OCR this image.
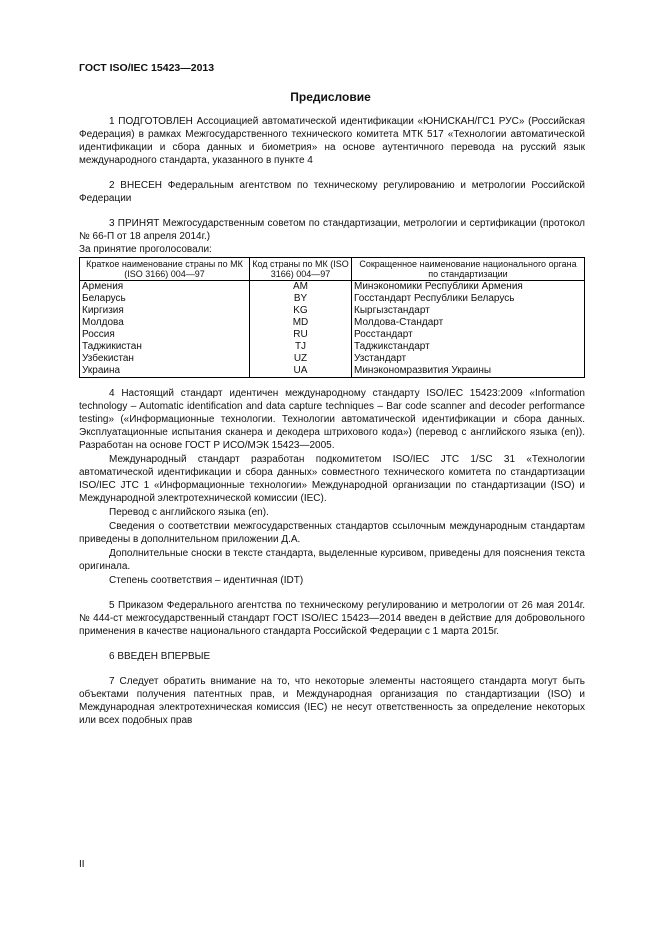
ГОСТ ISO/IEC 15423—2013
Предисловие

1 ПОДГОТОВЛЕН Ассоциацией автоматической идентификации «ЮНИСКАН/ГС1 РУС» (Российская Федерация) в рамках Межгосударственного технического комитета МТК 517 «Технологии автоматической идентификации и сбора данных и биометрия» на основе аутентичного перевода на русский язык международного стандарта, указанного в пункте 4

2 ВНЕСЕН Федеральным агентством по техническому регулированию и метрологии Российской Федерации

3 ПРИНЯТ Межгосударственным советом по стандартизации, метрологии и сертификации (протокол № 66-П от 18 апреля 2014г.)

За принятие проголосовали:

Краткое наименование страны по МК (ISO 3166) 004—97	Код страны по МК (ISO 3166) 004—97	Сокращенное наименование национального органа по стандартизации
Армения	AM	Минэкономики Республики Армения
Беларусь	BY	Госстандарт Республики Беларусь
Киргизия	KG	Кыргызстандарт
Молдова	MD	Молдова-Стандарт
Россия	RU	Росстандарт
Таджикистан	TJ	Таджикстандарт
Узбекистан	UZ	Узстандарт
Украина	UA	Минэкономразвития Украины

4 Настоящий стандарт идентичен международному стандарту ISO/IEC 15423:2009 «Information technology – Automatic identification and data capture techniques – Bar code scanner and decoder performance testing» («Информационные технологии. Технологии автоматической идентификации и сбора данных. Эксплуатационные испытания сканера и декодера штрихового кода») (перевод с английского языка (en)). Разработан на основе ГОСТ Р ИСО/МЭК 15423—2005.

Международный стандарт разработан подкомитетом ISO/IEC JTC 1/SC 31 «Технологии автоматической идентификации и сбора данных» совместного технического комитета по стандартизации ISO/IEC JTC 1 «Информационные технологии» Международной организации по стандартизации (ISO) и Международной электротехнической комиссии (IEC).

Перевод с английского языка (en).

Сведения о соответствии межгосударственных стандартов ссылочным международным стандартам приведены в дополнительном приложении Д.А.

Дополнительные сноски в тексте стандарта, выделенные курсивом, приведены для пояснения текста оригинала.

Степень соответствия – идентичная (IDT)

5 Приказом Федерального агентства по техническому регулированию и метрологии от 26 мая 2014г. № 444-ст межгосударственный стандарт ГОСТ ISO/IEC 15423—2014 введен в действие для добровольного применения в качестве национального стандарта Российской Федерации с 1 марта 2015г.

6 ВВЕДЕН ВПЕРВЫЕ

7 Следует обратить внимание на то, что некоторые элементы настоящего стандарта могут быть объектами получения патентных прав, и Международная организация по стандартизации (ISO) и Международная электротехническая комиссия (IEC) не несут ответственность за определение некоторых или всех подобных прав

II
